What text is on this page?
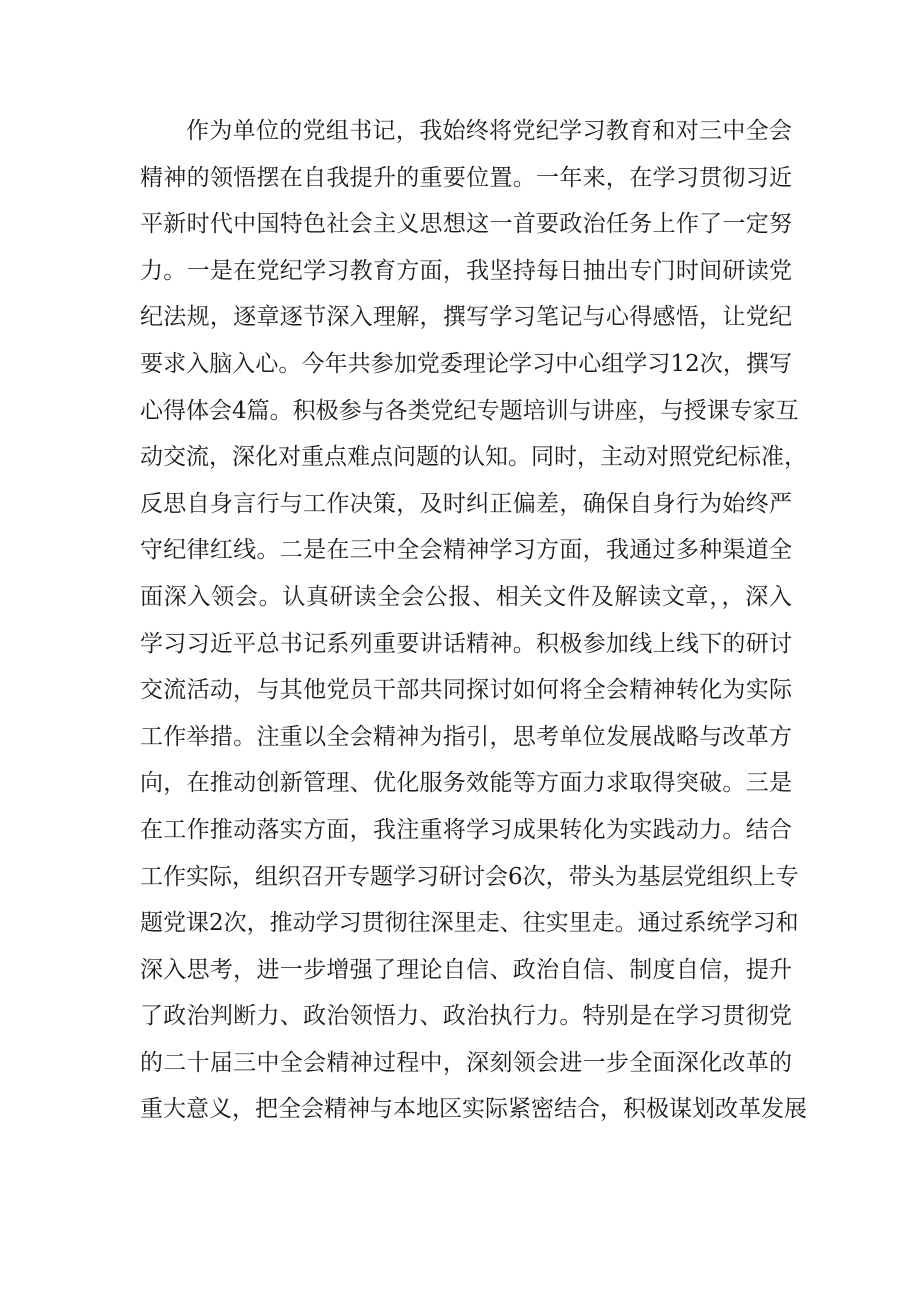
作为单位的党组书记，我始终将党纪学习教育和对三中全会
精神的领悟摆在自我提升的重要位置。一年来，在学习贯彻习近
平新时代中国特色社会主义思想这一首要政治任务上作了一定努
力。一是在党纪学习教育方面，我坚持每日抽出专门时间研读党
纪法规，逐章逐节深入理解，撰写学习笔记与心得感悟，让党纪
要求入脑入心。今年共参加党委理论学习中心组学习12次，撰写
心得体会4篇。积极参与各类党纪专题培训与讲座，与授课专家互
动交流，深化对重点难点问题的认知。同时，主动对照党纪标准，
反思自身言行与工作决策，及时纠正偏差，确保自身行为始终严
守纪律红线。二是在三中全会精神学习方面，我通过多种渠道全
面深入领会。认真研读全会公报、相关文件及解读文章，，深入
学习习近平总书记系列重要讲话精神。积极参加线上线下的研讨
交流活动，与其他党员干部共同探讨如何将全会精神转化为实际
工作举措。注重以全会精神为指引，思考单位发展战略与改革方
向，在推动创新管理、优化服务效能等方面力求取得突破。三是
在工作推动落实方面，我注重将学习成果转化为实践动力。结合
工作实际，组织召开专题学习研讨会6次，带头为基层党组织上专
题党课2次，推动学习贯彻往深里走、往实里走。通过系统学习和
深入思考，进一步增强了理论自信、政治自信、制度自信，提升
了政治判断力、政治领悟力、政治执行力。特别是在学习贯彻党
的二十届三中全会精神过程中，深刻领会进一步全面深化改革的
重大意义，把全会精神与本地区实际紧密结合，积极谋划改革发展
